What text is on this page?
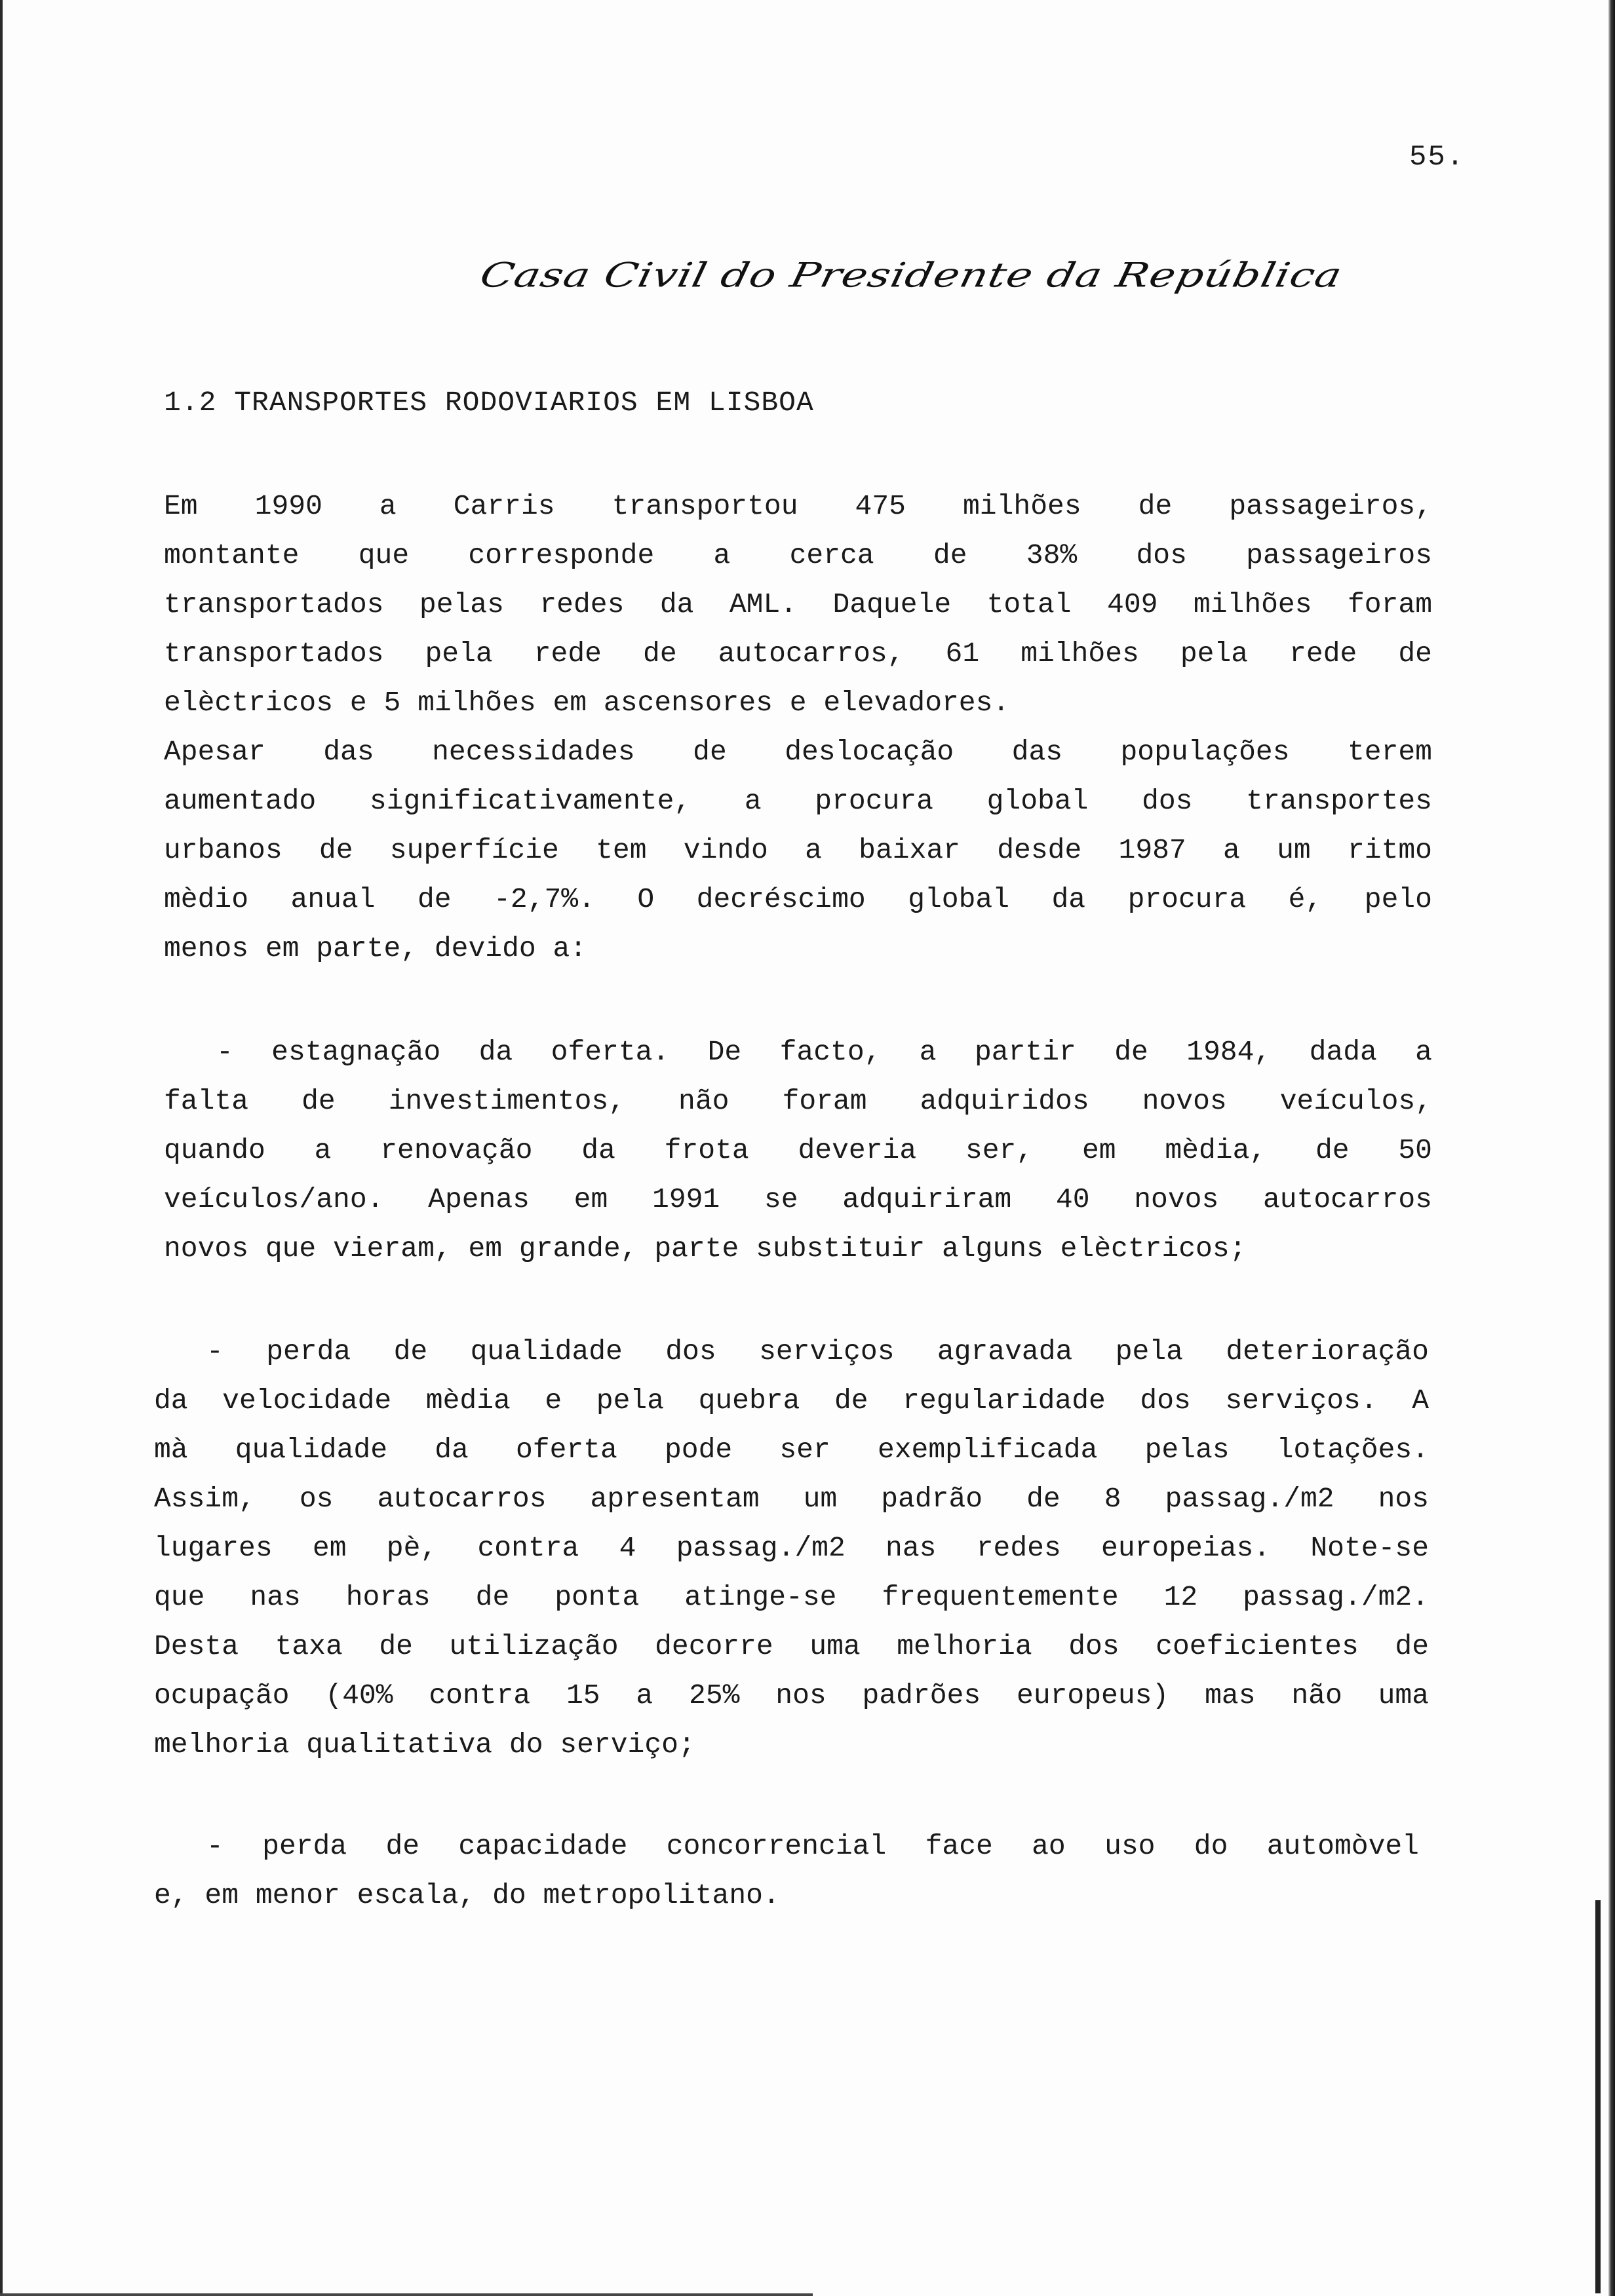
55.
Casa Civil do Presidente da República
1.2 TRANSPORTES RODOVIARIOS EM LISBOA
Em 1990 a Carris transportou 475 milhões de passageiros,
montante que corresponde a cerca de 38% dos passageiros
transportados pelas redes da AML. Daquele total 409 milhões foram
transportados pela rede de autocarros, 61 milhões pela rede de
elèctricos e 5 milhões em ascensores e elevadores.
Apesar das necessidades de deslocação das populações terem
aumentado significativamente, a procura global dos transportes
urbanos de superfície tem vindo a baixar desde 1987 a um ritmo
mèdio anual de -2,7%. O decréscimo global da procura é, pelo
menos em parte, devido a:
- estagnação da oferta. De facto, a partir de 1984, dada a
falta de investimentos, não foram adquiridos novos veículos,
quando a renovação da frota deveria ser, em mèdia, de 50
veículos/ano. Apenas em 1991 se adquiriram 40 novos autocarros
novos que vieram, em grande, parte substituir alguns elèctricos;
- perda de qualidade dos serviços agravada pela deterioração
da velocidade mèdia e pela quebra de regularidade dos serviços. A
mà qualidade da oferta pode ser exemplificada pelas lotações.
Assim, os autocarros apresentam um padrão de 8 passag./m2 nos
lugares em pè, contra 4 passag./m2 nas redes europeias. Note-se
que nas horas de ponta atinge-se frequentemente 12 passag./m2.
Desta taxa de utilização decorre uma melhoria dos coeficientes de
ocupação (40% contra 15 a 25% nos padrões europeus) mas não uma
melhoria qualitativa do serviço;
- perda de capacidade concorrencial face ao uso do automòvel
e, em menor escala, do metropolitano.
